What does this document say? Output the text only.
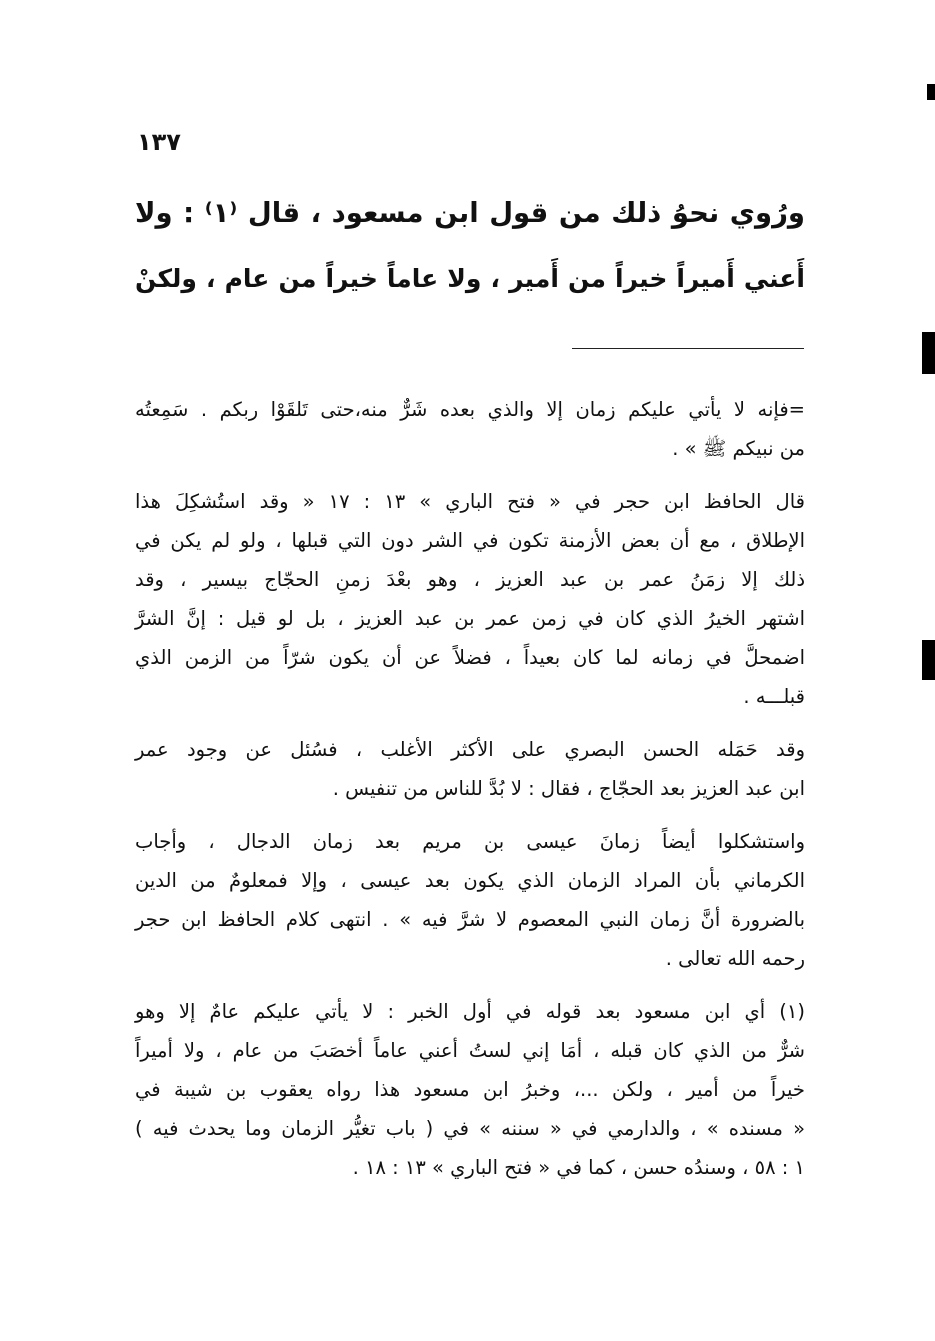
١٣٧
ورُوي نحوُ ذلك من قول ابن مسعود ، قال ⁽١⁾ : ولا
أَعني أَميراً خيراً من أَمير ، ولا عاماً خيراً من عام ، ولكنْ
=فإنه لا يأتي عليكم زمان إلا والذي بعده شَرٌّ منه،حتى تَلقَوْا ربكم . سَمِعتُه
من نبيكم ﷺ » .
قال الحافظ ابن حجر في « فتح الباري » ١٣ : ١٧ « وقد استُشكِلَ هذا
الإطلاق ، مع أن بعض الأزمنة تكون في الشر دون التي قبلها ، ولو لم يكن في
ذلك إلا زمَنُ عمر بن عبد العزيز ، وهو بعْدَ زمنِ الحجّاج بيسير ، وقد
اشتهر الخيرُ الذي كان في زمن عمر بن عبد العزيز ، بل لو قيل : إنَّ الشرَّ
اضمحلَّ في زمانه لما كان بعيداً ، فضلاً عن أن يكون شرّاً من الزمن الذي
قبلـــه .
وقد حَمَله الحسن البصري على الأكثر الأغلب ، فسُئل عن وجود عمر
ابن عبد العزيز بعد الحجّاج ، فقال : لا بُدَّ للناس من تنفيس .
واستشكلوا أيضاً زمانَ عيسى بن مريم بعد زمان الدجال ، وأجاب
الكرماني بأن المراد الزمان الذي يكون بعد عيسى ، وإلا فمعلومٌ من الدين
بالضرورة أنَّ زمان النبي المعصوم لا شرَّ فيه » . انتهى كلام الحافظ ابن حجر
رحمه الله تعالى .
(١) أي ابن مسعود بعد قوله في أول الخبر : لا يأتي عليكم عامٌ إلا وهو
شرٌّ من الذي كان قبله ، أمَا إني لستُ أعني عاماً أخصَبَ من عام ، ولا أميراً
خيراً من أمير ، ولكن ...، وخبرُ ابن مسعود هذا رواه يعقوب بن شيبة في
« مسنده » ، والدارمي في « سننه » في ( باب تغيُّر الزمان وما يحدث فيه )
١ : ٥٨ ، وسندُه حسن ، كما في « فتح الباري » ١٣ : ١٨ .
